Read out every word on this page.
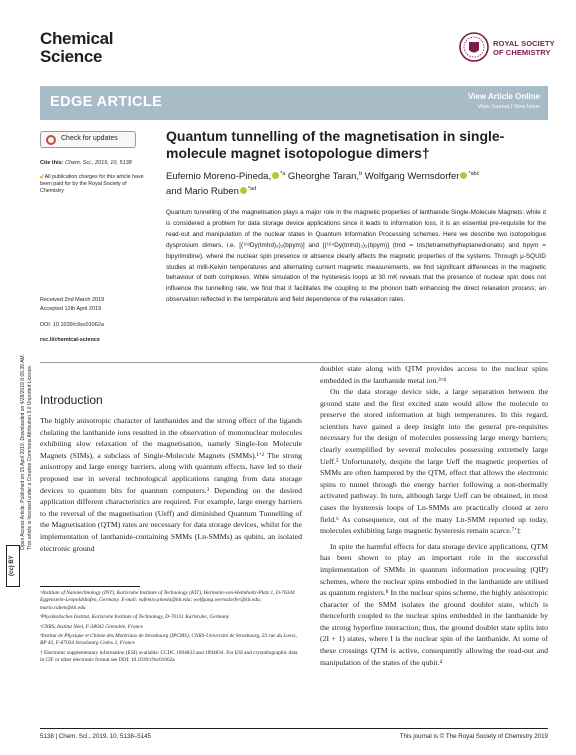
Chemical
Science
ROYAL SOCIETY
OF CHEMISTRY
EDGE ARTICLE	View Article Online
View Journal | View Issue
Open Access Article. Published on 15 April 2019. Downloaded on 4/28/2019 8:05:39 AM. This article is licensed under a Creative Commons Attribution 3.0 Unported Licence.
(cc) BY
Check for updates
Cite this: Chem. Sci., 2019, 10, 5138
🔓︎ All publication charges for this article have been paid for by the Royal Society of Chemistry
Received 2nd March 2019
Accepted 12th April 2019
DOI: 10.1039/c9sc01062a
rsc.li/chemical-science
Quantum tunnelling of the magnetisation in single-molecule magnet isotopologue dimers†
Eufemio Moreno-Pineda, $^{*a}$ Gheorghe Taran,$^b$ Wolfgang Wernsdorfer $^{*abc}$
and Mario Ruben $^{*ad}$
Quantum tunnelling of the magnetisation plays a major role in the magnetic properties of lanthanide Single-Molecule Magnets: while it is considered a problem for data storage device applications since it leads to information loss, it is an essential pre-requisite for the read-out and manipulation of the nuclear states in Quantum Information Processing schemes. Here we describe two isotopologue dysprosium dimers, i.e. [(¹⁶³Dy(tmhd)₃)₂(bpym)] and [(¹⁶⁴Dy(tmhd)₃)₂(bpym)] (tmd = tris(tetramethylheptanedionato) and bpym = bipyrimidine), where the nuclear spin presence or absence clearly affects the magnetic properties of the systems. Through μ-SQUID studies at milli-Kelvin temperatures and alternating current magnetic measurements, we find significant differences in the magnetic behaviour of both complexes. While simulation of the hysteresis loops at 30 mK reveals that the presence of nuclear spin does not influence the tunnelling rate, we find that it facilitates the coupling to the phonon bath enhancing the direct relaxation process; an observation reflected in the temperature and field dependence of the relaxation rates.
Introduction

The highly anisotropic character of lanthanides and the strong effect of the ligands chelating the lanthanide ions resulted in the observation of mononuclear molecules exhibiting slow relaxation of the magnetisation, namely Single-Ion Molecule Magnets (SIMs), a subclass of Single-Molecule Magnets (SMMs).¹ʼ² The strong anisotropy and large energy barriers, along with quantum effects, have led to their proposed use in several technological applications ranging from data storage devices to quantum bits for quantum computers.³ Depending on the desired application different characteristics are required. For example, large energy barriers to the reversal of the magnetisation (Ueff) and diminished Quantum Tunnelling of the Magnetisation (QTM) rates are necessary for data storage devices, whilst for the implementation of lanthanide-containing SMMs (Ln-SMMs) as qubits, an isolated electronic ground

doublet state along with QTM provides access to the nuclear spins embedded in the lanthanide metal ion.³ʼ⁴

On the data storage device side, a large separation between the ground state and the first excited state would allow the molecule to preserve the stored information at high temperatures. In this regard, scientists have gained a deep insight into the general pre-requisites necessary for the design of molecules possessing large energy barriers; clearly exemplified by several molecules possessing extremely large Ueff.⁵ Unfortunately, despite the large Ueff the magnetic properties of SMMs are often hampered by the QTM, effect that allows the electronic spins to tunnel through the energy barrier following a non-thermally activated pathway. In turn, although large Ueff can be obtained, in most cases the hysteresis loops of Ln-SMMs are practically closed at zero field.⁶ As consequence, out of the many Ln-SMM reported up today, molecules exhibiting large magnetic hysteresis remain scarce.⁷ʼ‡

In spite the harmful effects for data storage device applications, QTM has been shown to play an important role in the successful implementation of SMMs in quantum information processing (QIP) schemes, where the nuclear spins embodied in the lanthanide are utilised as quantum registers.⁸ In the nuclear spins scheme, the highly anisotropic character of the SMM isolates the ground doublet state, which is thenceforth coupled to the nuclear spins embedded in the lanthanide by the strong hyperfine interaction; thus, the ground doublet state splits into (2I + 1) states, where I is the nuclear spin of the lanthanide. At some of these crossings QTM is active, consequently allowing the read-out and manipulation of the states of the qubit.⁴

ᵃInstitute of Nanotechnology (INT), Karlsruhe Institute of Technology (KIT), Hermann-von-Helmholtz-Platz 1, D-76344 Eggenstein-Leopoldshafen, Germany. E-mail: eufemio.pineda@kit.edu; wolfgang.wernsdorfer@kit.edu; mario.ruben@kit.edu

ᵇPhysikalisches Institut, Karlsruhe Institute of Technology, D-76131 Karlsruhe, Germany

ᶜCNRS, Institut Néel, F-38042 Grenoble, France

ᵈInstitut de Physique et Chimie des Matériaux de Strasbourg (IPCMS), CNRS-Université de Strasbourg, 23 rue du Loess, BP 43, F-67034 Strasbourg Cedex 2, France

† Electronic supplementary information (ESI) available. CCDC 1894833 and 1894834. For ESI and crystallographic data in CIF or other electronic format see DOI: 10.1039/c9sc01062a

5138 | Chem. Sci., 2019, 10, 5138–5145	This journal is © The Royal Society of Chemistry 2019
